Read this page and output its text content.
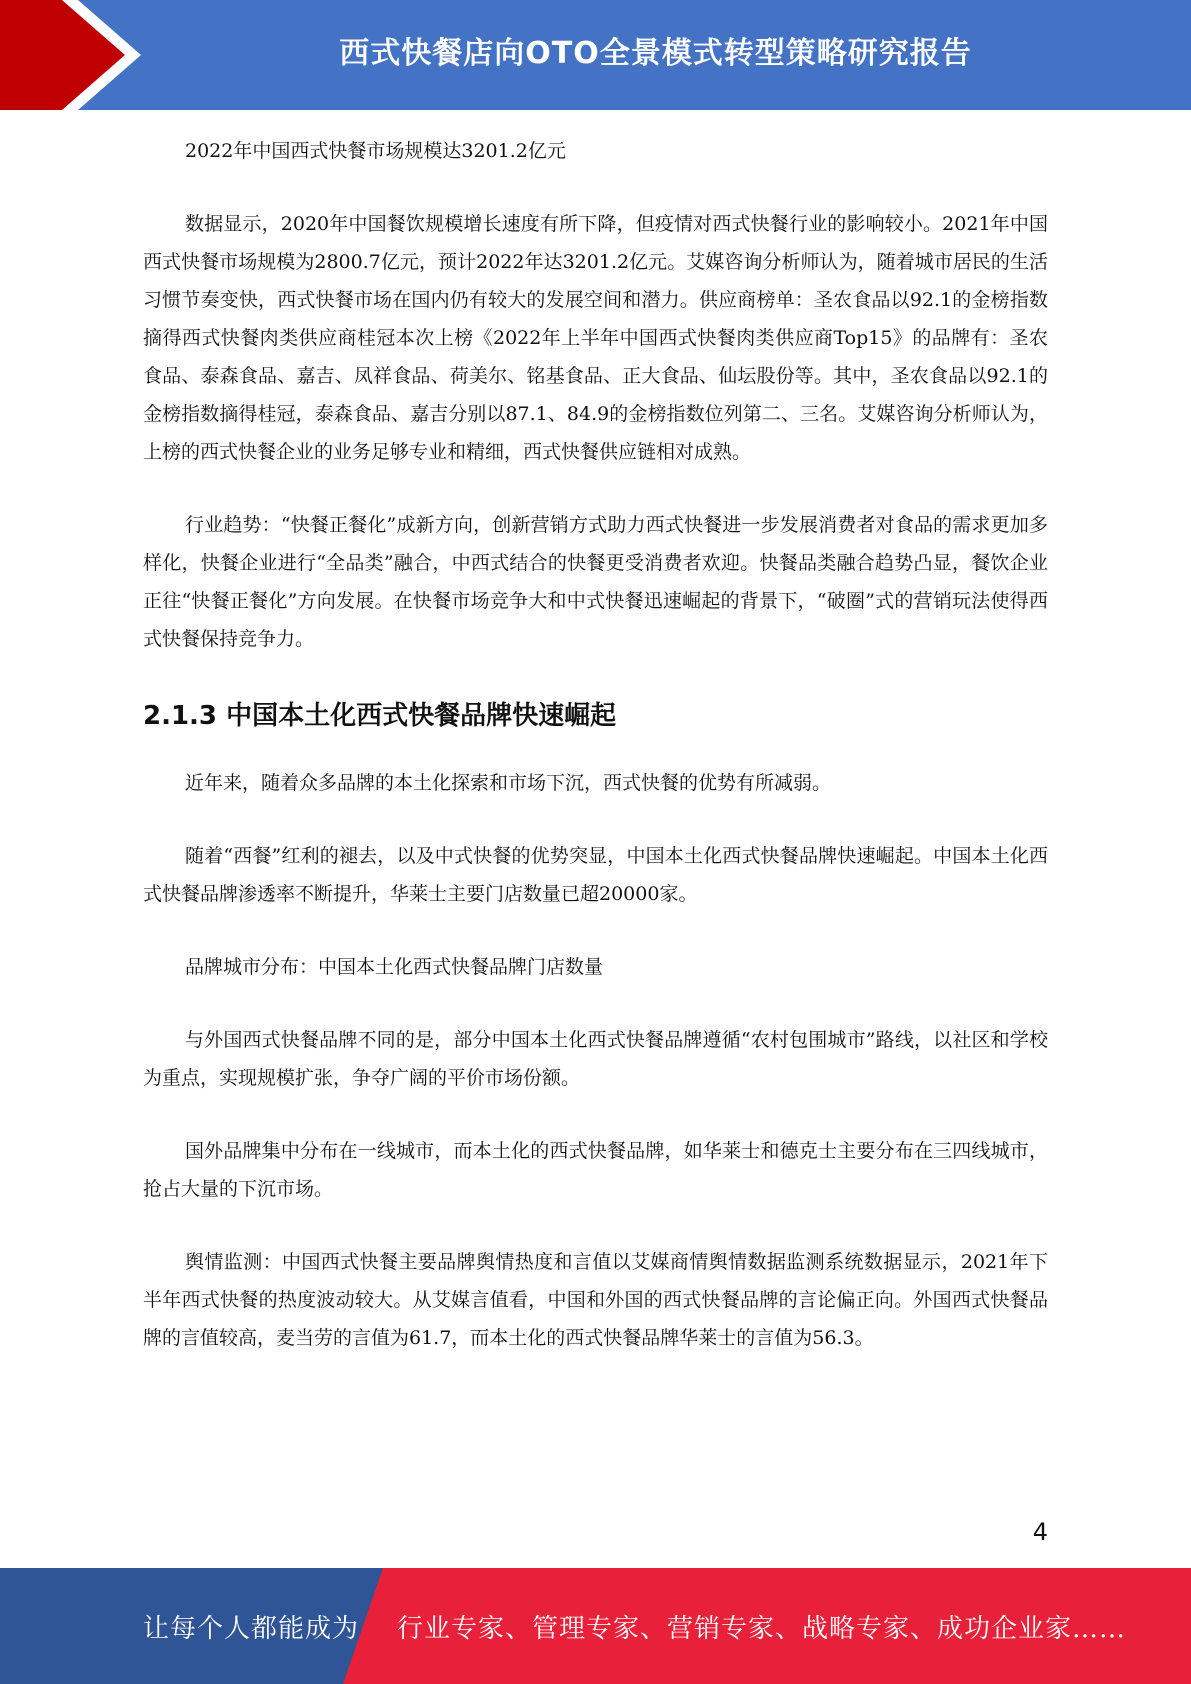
西式快餐店向OTO全景模式转型策略研究报告

2022年中国西式快餐市场规模达3201.2亿元

数据显示，2020年中国餐饮规模增长速度有所下降，但疫情对西式快餐行业的影响较小。2021年中国西式快餐市场规模为2800.7亿元，预计2022年达3201.2亿元。艾媒咨询分析师认为，随着城市居民的生活习惯节奏变快，西式快餐市场在国内仍有较大的发展空间和潜力。供应商榜单：圣农食品以92.1的金榜指数摘得西式快餐肉类供应商桂冠本次上榜《2022年上半年中国西式快餐肉类供应商Top15》的品牌有：圣农食品、泰森食品、嘉吉、凤祥食品、荷美尔、铭基食品、正大食品、仙坛股份等。其中，圣农食品以92.1的金榜指数摘得桂冠，泰森食品、嘉吉分别以87.1、84.9的金榜指数位列第二、三名。艾媒咨询分析师认为，上榜的西式快餐企业的业务足够专业和精细，西式快餐供应链相对成熟。

行业趋势：“快餐正餐化”成新方向，创新营销方式助力西式快餐进一步发展消费者对食品的需求更加多样化，快餐企业进行“全品类”融合，中西式结合的快餐更受消费者欢迎。快餐品类融合趋势凸显，餐饮企业正往“快餐正餐化”方向发展。在快餐市场竞争大和中式快餐迅速崛起的背景下，“破圈”式的营销玩法使得西式快餐保持竞争力。

2.1.3 中国本土化西式快餐品牌快速崛起

近年来，随着众多品牌的本土化探索和市场下沉，西式快餐的优势有所减弱。

随着“西餐”红利的褪去，以及中式快餐的优势突显，中国本土化西式快餐品牌快速崛起。中国本土化西式快餐品牌渗透率不断提升，华莱士主要门店数量已超20000家。

品牌城市分布：中国本土化西式快餐品牌门店数量

与外国西式快餐品牌不同的是，部分中国本土化西式快餐品牌遵循“农村包围城市”路线，以社区和学校为重点，实现规模扩张，争夺广阔的平价市场份额。

国外品牌集中分布在一线城市，而本土化的西式快餐品牌，如华莱士和德克士主要分布在三四线城市，抢占大量的下沉市场。

舆情监测：中国西式快餐主要品牌舆情热度和言值以艾媒商情舆情数据监测系统数据显示，2021年下半年西式快餐的热度波动较大。从艾媒言值看，中国和外国的西式快餐品牌的言论偏正向。外国西式快餐品牌的言值较高，麦当劳的言值为61.7，而本土化的西式快餐品牌华莱士的言值为56.3。

4
让每个人都能成为 行业专家、管理专家、营销专家、战略专家、成功企业家……
